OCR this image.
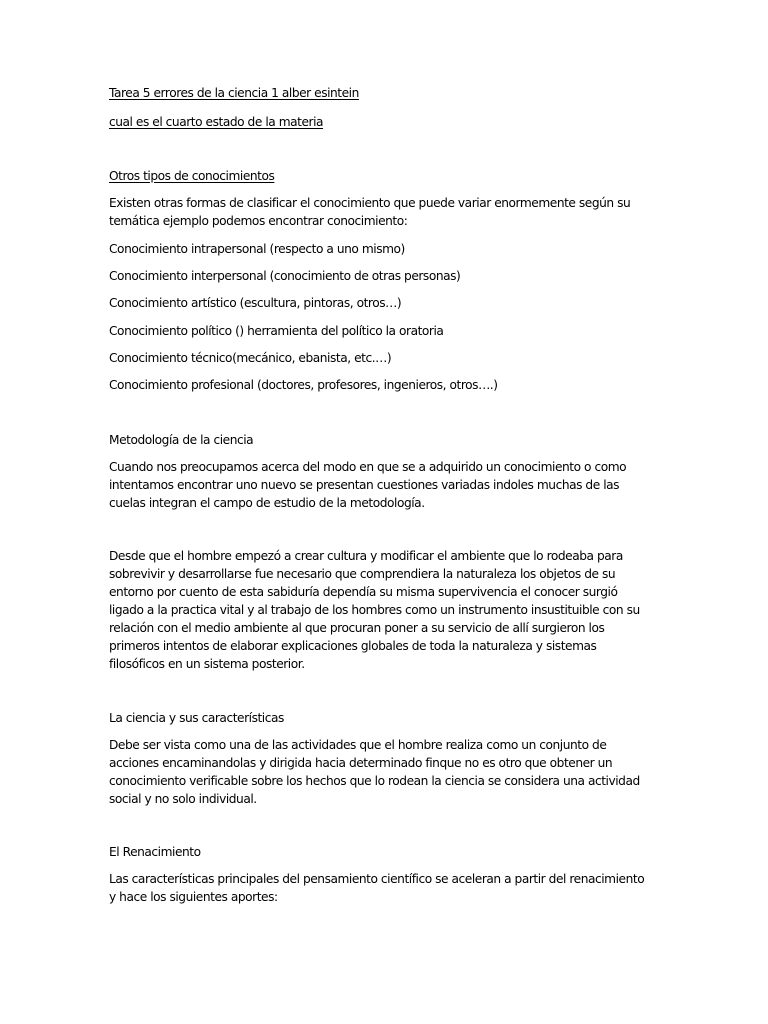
Tarea 5 errores de la ciencia 1 alber esintein

cual es el cuarto estado de la materia

Otros tipos de conocimientos

Existen otras formas de clasificar el conocimiento que puede variar enormemente según su

temática ejemplo podemos encontrar conocimiento:

Conocimiento intrapersonal (respecto a uno mismo)

Conocimiento interpersonal (conocimiento de otras personas)

Conocimiento artístico (escultura, pintoras, otros…)

Conocimiento político () herramienta del político la oratoria

Conocimiento técnico(mecánico, ebanista, etc.…)

Conocimiento profesional (doctores, profesores, ingenieros, otros….)

Metodología de la ciencia

Cuando nos preocupamos acerca del modo en que se a adquirido un conocimiento o como

intentamos encontrar uno nuevo se presentan cuestiones variadas indoles muchas de las

cuelas integran el campo de estudio de la metodología.

Desde que el hombre empezó a crear cultura y modificar el ambiente que lo rodeaba para

sobrevivir y desarrollarse fue necesario que comprendiera la naturaleza los objetos de su

entorno por cuento de esta sabiduría dependía su misma supervivencia el conocer surgió

ligado a la practica vital y al trabajo de los hombres como un instrumento insustituible con su

relación con el medio ambiente al que procuran poner a su servicio de allí surgieron los

primeros intentos de elaborar explicaciones globales de toda la naturaleza y sistemas

filosóficos en un sistema posterior.

La ciencia y sus características

Debe ser vista como una de las actividades que el hombre realiza como un conjunto de

acciones encaminandolas y dirigida hacia determinado finque no es otro que obtener un

conocimiento verificable sobre los hechos que lo rodean la ciencia se considera una actividad

social y no solo individual.

El Renacimiento

Las características principales del pensamiento científico se aceleran a partir del renacimiento

y hace los siguientes aportes:
